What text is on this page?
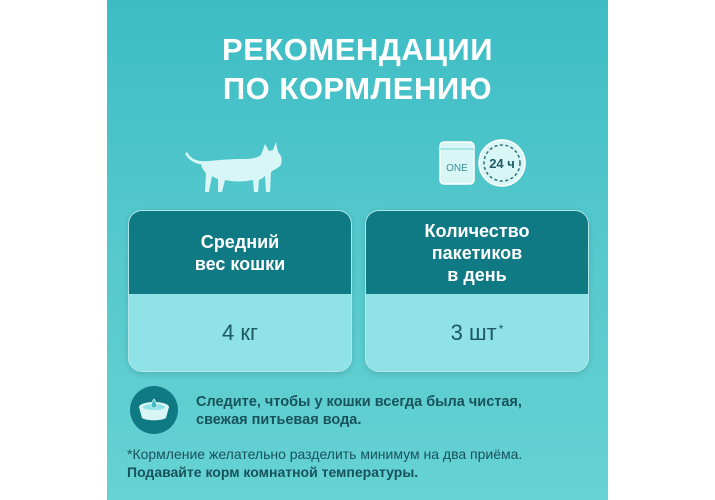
РЕКОМЕНДАЦИИ
ПО КОРМЛЕНИЮ
ONE 24 ч
Средний
вес кошки
4 кг
Количество
пакетиков
в день
3 шт*
Следите, чтобы у кошки всегда была чистая,
свежая питьевая вода.
*Кормление желательно разделить минимум на два приёма.
Подавайте корм комнатной температуры.
